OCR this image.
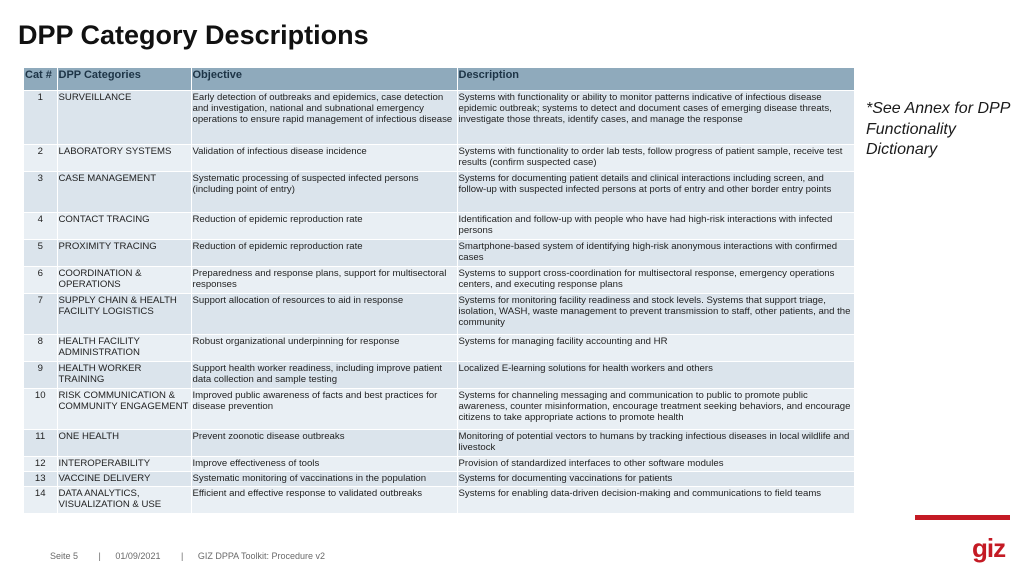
DPP Category Descriptions
Cat #	DPP Categories	Objective	Description
1	SURVEILLANCE	Early detection of outbreaks and epidemics, case detection and investigation, national and subnational emergency operations to ensure rapid management of infectious disease	Systems with functionality or ability to monitor patterns indicative of infectious disease epidemic outbreak; systems to detect and document cases of emerging disease threats, investigate those threats, identify cases, and manage the response
2	LABORATORY SYSTEMS	Validation of infectious disease incidence	Systems with functionality to order lab tests, follow progress of patient sample, receive test results (confirm suspected case)
3	CASE MANAGEMENT	Systematic processing of suspected infected persons (including point of entry)	Systems for documenting patient details and clinical interactions including screen, and follow-up with suspected infected persons at ports of entry and other border entry points
4	CONTACT TRACING	Reduction of epidemic reproduction rate	Identification and follow-up with people who have had high-risk interactions with infected persons
5	PROXIMITY TRACING	Reduction of epidemic reproduction rate	Smartphone-based system of identifying high-risk anonymous interactions with confirmed cases
6	COORDINATION & OPERATIONS	Preparedness and response plans, support for multisectoral responses	Systems to support cross-coordination for multisectoral response, emergency operations centers, and executing response plans
7	SUPPLY CHAIN & HEALTH FACILITY LOGISTICS	Support allocation of resources to aid in response	Systems for monitoring facility readiness and stock levels. Systems that support triage, isolation, WASH, waste management to prevent transmission to staff, other patients, and the community
8	HEALTH FACILITY ADMINISTRATION	Robust organizational underpinning for response	Systems for managing facility accounting and HR
9	HEALTH WORKER TRAINING	Support health worker readiness, including improve patient data collection and sample testing	Localized E-learning solutions for health workers and others
10	RISK COMMUNICATION & COMMUNITY ENGAGEMENT	Improved public awareness of facts and best practices for disease prevention	Systems for channeling messaging and communication to public to promote public awareness, counter misinformation, encourage treatment seeking behaviors, and encourage citizens to take appropriate actions to promote health
11	ONE HEALTH	Prevent zoonotic disease outbreaks	Monitoring of potential vectors to humans by tracking infectious diseases in local wildlife and livestock
12	INTEROPERABILITY	Improve effectiveness of tools	Provision of standardized interfaces to other software modules
13	VACCINE DELIVERY	Systematic monitoring of vaccinations in the population	Systems for documenting vaccinations for patients
14	DATA ANALYTICS, VISUALIZATION & USE	Efficient and effective response to validated outbreaks	Systems for enabling data-driven decision-making and communications to field teams
*See Annex for DPP Functionality Dictionary
giz
Seite 5 | 01/09/2021 | GIZ DPPA Toolkit: Procedure v2
